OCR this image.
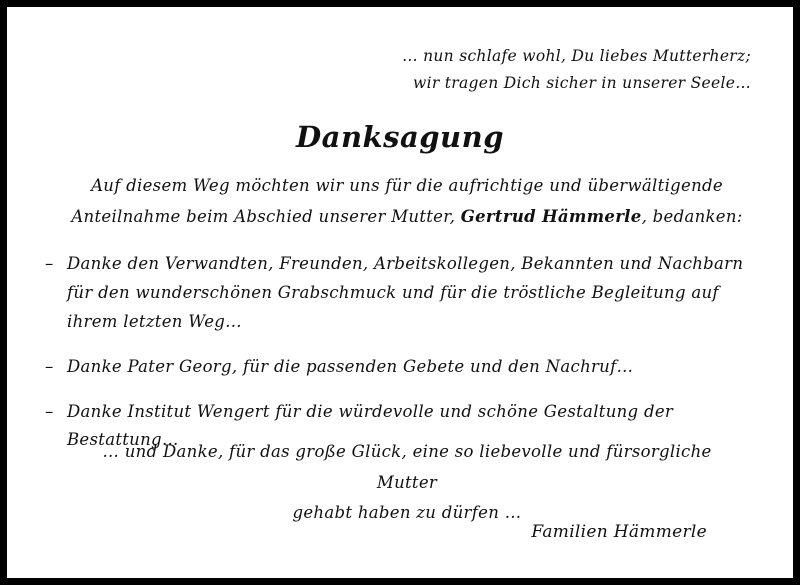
… nun schlafe wohl, Du liebes Mutterherz;
wir tragen Dich sicher in unserer Seele…
Danksagung
Auf diesem Weg möchten wir uns für die aufrichtige und überwältigende Anteilnahme beim Abschied unserer Mutter, Gertrud Hämmerle, bedanken:
– Danke den Verwandten, Freunden, Arbeitskollegen, Bekannten und Nachbarn für den wunderschönen Grabschmuck und für die tröstliche Begleitung auf ihrem letzten Weg…
– Danke Pater Georg, für die passenden Gebete und den Nachruf…
– Danke Institut Wengert für die würdevolle und schöne Gestaltung der Bestattung…
… und Danke, für das große Glück, eine so liebevolle und fürsorgliche Mutter
gehabt haben zu dürfen …
Familien Hämmerle
